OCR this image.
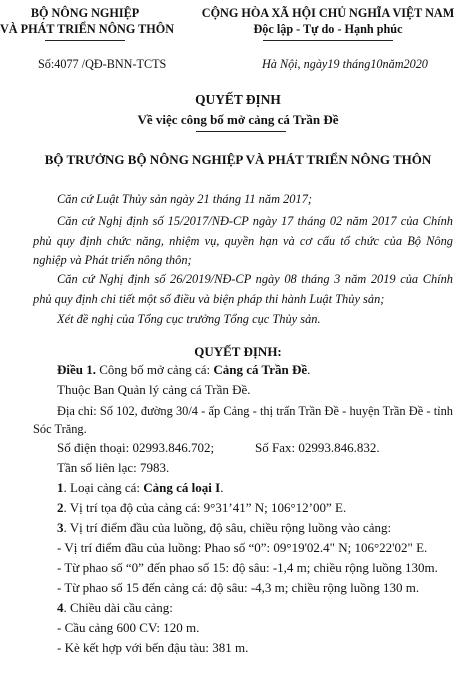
BỘ NÔNG NGHIỆP
VÀ PHÁT TRIỂN NÔNG THÔN
CỘNG HÒA XÃ HỘI CHỦ NGHĨA VIỆT NAM
Độc lập - Tự do - Hạnh phúc
Số:4077 /QĐ-BNN-TCTS	Hà Nội, ngày19 tháng10năm2020
QUYẾT ĐỊNH
Về việc công bố mở cảng cá Trần Đề
BỘ TRƯỞNG BỘ NÔNG NGHIỆP VÀ PHÁT TRIỂN NÔNG THÔN
Căn cứ Luật Thủy sản ngày 21 tháng 11 năm 2017;
Căn cứ Nghị định số 15/2017/NĐ-CP ngày 17 tháng 02 năm 2017 của Chính phủ quy định chức năng, nhiệm vụ, quyền hạn và cơ cấu tổ chức của Bộ Nông nghiệp và Phát triển nông thôn;
Căn cứ Nghị định số 26/2019/NĐ-CP ngày 08 tháng 3 năm 2019 của Chính phủ quy định chi tiết một số điều và biện pháp thi hành Luật Thủy sản;
Xét đề nghị của Tổng cục trưởng Tổng cục Thủy sản.
QUYẾT ĐỊNH:
Điều 1. Công bố mở cảng cá: Cảng cá Trần Đề.
Thuộc Ban Quản lý cảng cá Trần Đề.
Địa chỉ: Số 102, đường 30/4 - ấp Cảng - thị trấn Trần Đề - huyện Trần Đề - tỉnh Sóc Trăng.
Số điện thoại: 02993.846.702;	Số Fax: 02993.846.832.
Tần số liên lạc: 7983.
1. Loại cảng cá: Cảng cá loại I.
2. Vị trí tọa độ của cảng cá: 9°31’41” N; 106°12’00” E.
3. Vị trí điểm đầu của luồng, độ sâu, chiều rộng luồng vào cảng:
- Vị trí điểm đầu của luồng: Phao số “0”: 09°19'02.4" N; 106°22'02" E.
- Từ phao số “0” đến phao số 15: độ sâu: -1,4 m; chiều rộng luồng 130m.
- Từ phao số 15 đến cảng cá: độ sâu: -4,3 m; chiều rộng luồng 130 m.
4. Chiều dài cầu cảng:
- Cầu cảng 600 CV: 120 m.
- Kè kết hợp với bến đậu tàu: 381 m.
